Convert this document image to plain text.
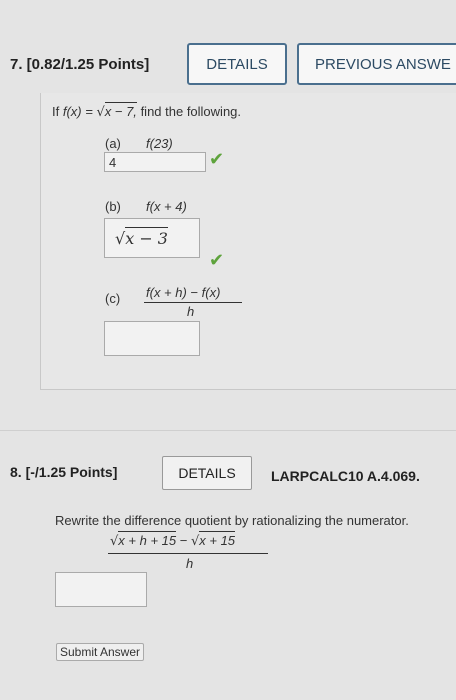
7. [0.82/1.25 Points]	DETAILS	PREVIOUS ANSWE
If f(x) = √x − 7, find the following.
(a) f(23)
4	✔
(b) f(x + 4)
√x − 3
✔
(c) f(x + h) − f(x)
h
8. [-/1.25 Points]	DETAILS	LARPCALC10 A.4.069.
Rewrite the difference quotient by rationalizing the numerator.
√x + h + 15 − √x + 15
h
Submit Answer
